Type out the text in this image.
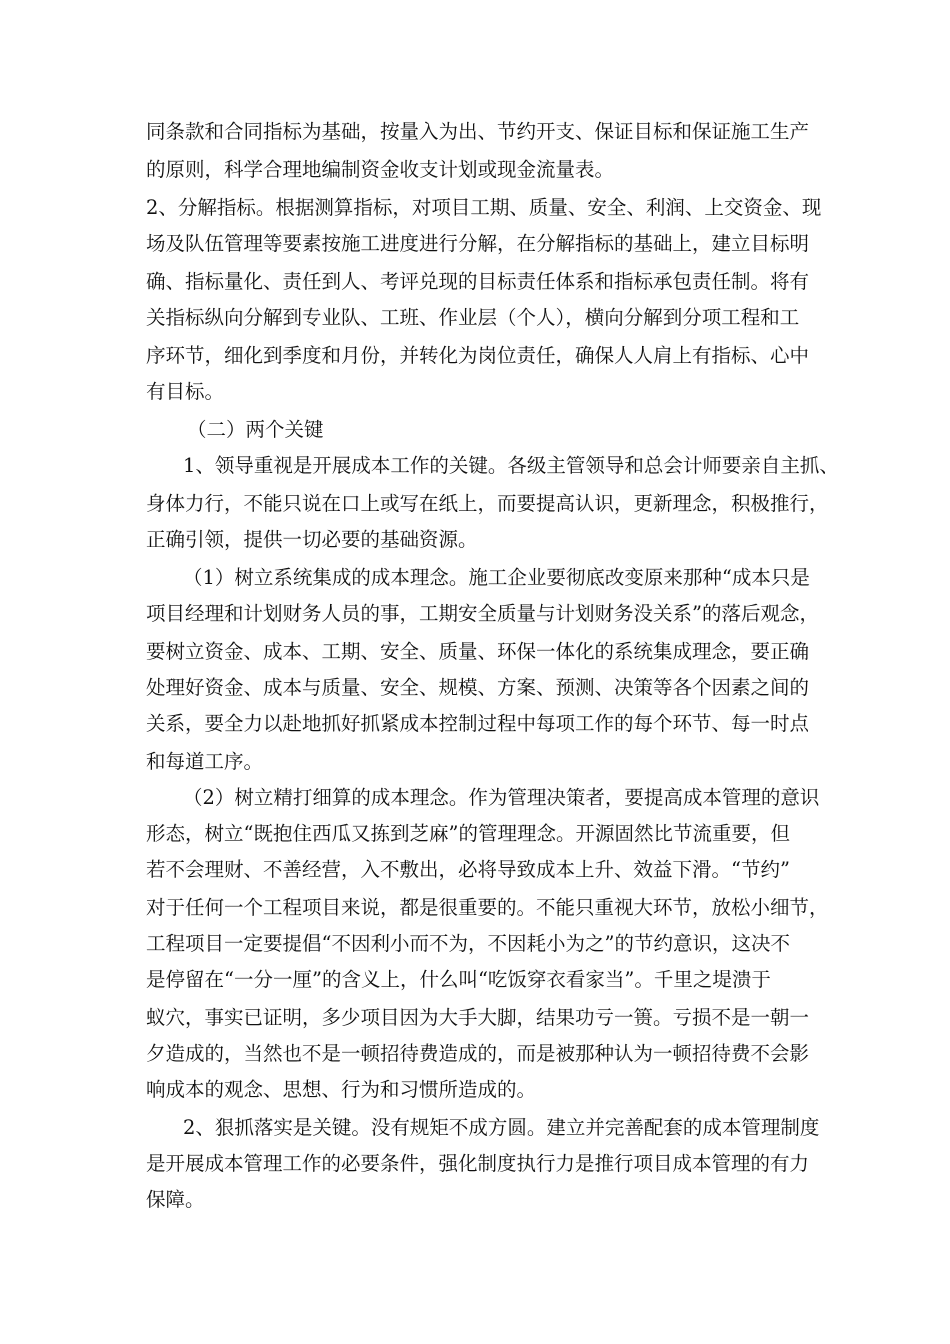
同条款和合同指标为基础，按量入为出、节约开支、保证目标和保证施工生产
的原则，科学合理地编制资金收支计划或现金流量表。
2、分解指标。根据测算指标，对项目工期、质量、安全、利润、上交资金、现
场及队伍管理等要素按施工进度进行分解，在分解指标的基础上，建立目标明
确、指标量化、责任到人、考评兑现的目标责任体系和指标承包责任制。将有
关指标纵向分解到专业队、工班、作业层（个人），横向分解到分项工程和工
序环节，细化到季度和月份，并转化为岗位责任，确保人人肩上有指标、心中
有目标。
（二）两个关键
1、领导重视是开展成本工作的关键。各级主管领导和总会计师要亲自主抓、
身体力行，不能只说在口上或写在纸上，而要提高认识，更新理念，积极推行，
正确引领，提供一切必要的基础资源。
（1）树立系统集成的成本理念。施工企业要彻底改变原来那种“成本只是
项目经理和计划财务人员的事，工期安全质量与计划财务没关系”的落后观念，
要树立资金、成本、工期、安全、质量、环保一体化的系统集成理念，要正确
处理好资金、成本与质量、安全、规模、方案、预测、决策等各个因素之间的
关系，要全力以赴地抓好抓紧成本控制过程中每项工作的每个环节、每一时点
和每道工序。
（2）树立精打细算的成本理念。作为管理决策者，要提高成本管理的意识
形态，树立“既抱住西瓜又拣到芝麻”的管理理念。开源固然比节流重要，但
若不会理财、不善经营，入不敷出，必将导致成本上升、效益下滑。“节约”
对于任何一个工程项目来说，都是很重要的。不能只重视大环节，放松小细节，
工程项目一定要提倡“不因利小而不为，不因耗小为之”的节约意识，这决不
是停留在“一分一厘”的含义上，什么叫“吃饭穿衣看家当”。千里之堤溃于
蚁穴，事实已证明，多少项目因为大手大脚，结果功亏一篑。亏损不是一朝一
夕造成的，当然也不是一顿招待费造成的，而是被那种认为一顿招待费不会影
响成本的观念、思想、行为和习惯所造成的。
2、狠抓落实是关键。没有规矩不成方圆。建立并完善配套的成本管理制度
是开展成本管理工作的必要条件，强化制度执行力是推行项目成本管理的有力
保障。
